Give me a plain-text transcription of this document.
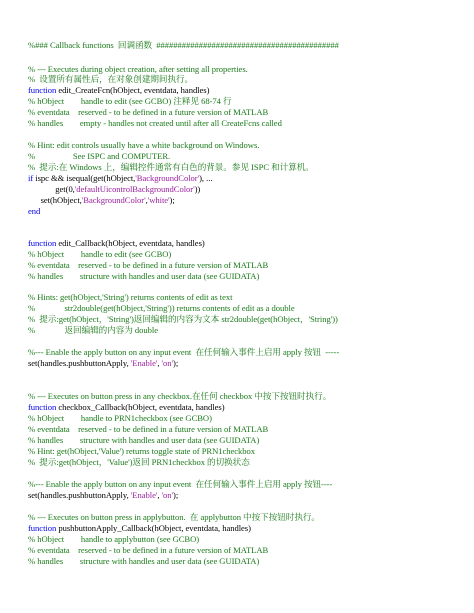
%### Callback functions  回调函数  ###########################################
% --- Executes during object creation, after setting all properties.
%  设置所有属性后，在对象创建期间执行。
function edit_CreateFcn(hObject, eventdata, handles)
% hObject        handle to edit (see GCBO) 注释见 68-74 行
% eventdata    reserved - to be defined in a future version of MATLAB
% handles        empty - handles not created until after all CreateFcns called
% Hint: edit controls usually have a white background on Windows.
%                  See ISPC and COMPUTER.
%  提示:在 Windows 上，编辑控件通常有白色的背景。参见 ISPC 和计算机。
if ispc && isequal(get(hObject,'BackgroundColor'), ...
get(0,'defaultUicontrolBackgroundColor'))
set(hObject,'BackgroundColor','white');
end
function edit_Callback(hObject, eventdata, handles)
% hObject        handle to edit (see GCBO)
% eventdata    reserved - to be defined in a future version of MATLAB
% handles        structure with handles and user data (see GUIDATA)
% Hints: get(hObject,'String') returns contents of edit as text
%              str2double(get(hObject,'String')) returns contents of edit as a double
%  提示:get(hObject，'String')返回编辑的内容为文本 str2double(get(hObject，'String'))
%              返回编辑的内容为 double
%--- Enable the apply button on any input event  在任何输入事件上启用 apply 按钮  -----
set(handles.pushbuttonApply, 'Enable', 'on');
% --- Executes on button press in any checkbox.在任何 checkbox 中按下按钮时执行。
function checkbox_Callback(hObject, eventdata, handles)
% hObject        handle to PRN1checkbox (see GCBO)
% eventdata    reserved - to be defined in a future version of MATLAB
% handles        structure with handles and user data (see GUIDATA)
% Hint: get(hObject,'Value') returns toggle state of PRN1checkbox
%  提示:get(hObject，'Value')返回 PRN1checkbox 的切换状态
%--- Enable the apply button on any input event  在任何输入事件上启用 apply 按钮----
set(handles.pushbuttonApply, 'Enable', 'on');
% --- Executes on button press in applybutton.  在 applybutton 中按下按钮时执行。
function pushbuttonApply_Callback(hObject, eventdata, handles)
% hObject        handle to applybutton (see GCBO)
% eventdata    reserved - to be defined in a future version of MATLAB
% handles        structure with handles and user data (see GUIDATA)
